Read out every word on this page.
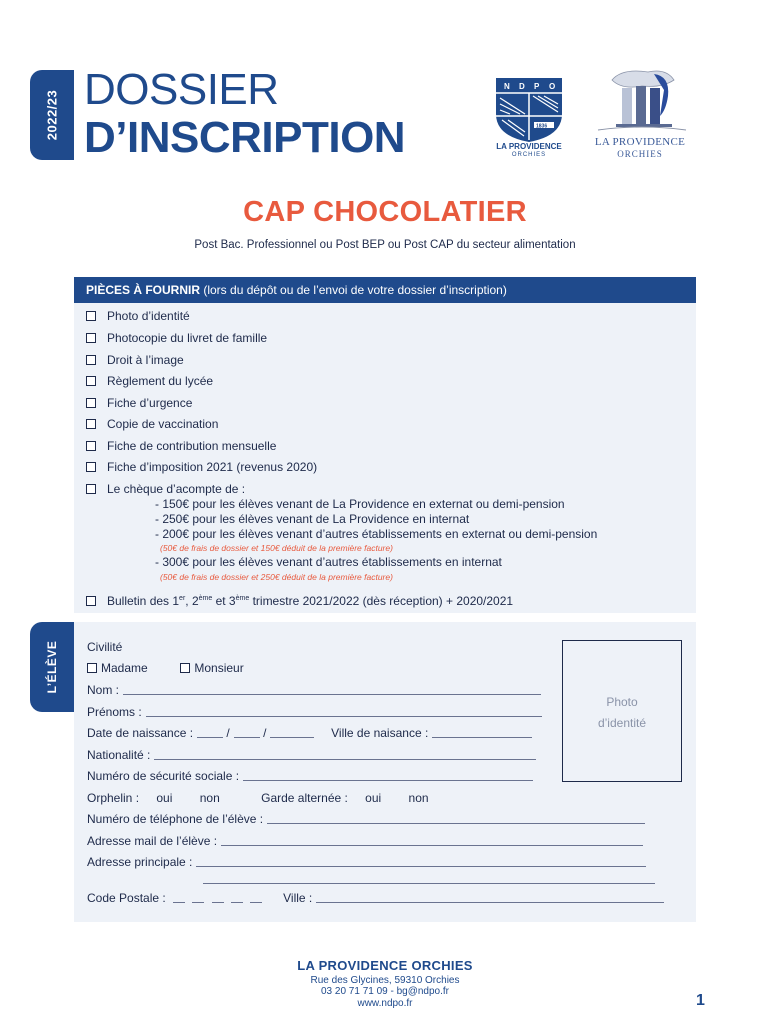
2022/23
DOSSIER
D’INSCRIPTION
N D P O
1836
LA PROVIDENCE
ORCHIES
LA PROVIDENCE
ORCHIES
CAP CHOCOLATIER
Post Bac. Professionnel ou Post BEP ou Post CAP du secteur alimentation
PIÈCES À FOURNIR (lors du dépôt ou de l’envoi de votre dossier d’inscription)
Photo d’identité
Photocopie du livret de famille
Droit à l’image
Règlement du lycée
Fiche d’urgence
Copie de vaccination
Fiche de contribution mensuelle
Fiche d’imposition 2021 (revenus 2020)
Le chèque d’acompte de :
- 150€ pour les élèves venant de La Providence en externat ou demi-pension
- 250€ pour les élèves venant de La Providence en internat
- 200€ pour les élèves venant d’autres établissements en externat ou demi-pension
(50€ de frais de dossier et 150€ déduit de la première facture)
- 300€ pour les élèves venant d’autres établissements en internat
(50€ de frais de dossier et 250€ déduit de la première facture)
Bulletin des 1er, 2ème et 3ème trimestre 2021/2022 (dès réception) + 2020/2021
L’ÉLÈVE Civilité
Madame	Monsieur
Nom :
Prénoms :
Date de naissance :	/	/	Ville de naisance :
Nationalité :
Numéro de sécurité sociale :
Orphelin : oui non	Garde alternée : oui non
Numéro de téléphone de l’élève :
Adresse mail de l’élève :
Adresse principale :
Code Postale :	Ville :
Photo
d’identité
LA PROVIDENCE ORCHIES
Rue des Glycines, 59310 Orchies
03 20 71 71 09 - bg@ndpo.fr
www.ndpo.fr	1
